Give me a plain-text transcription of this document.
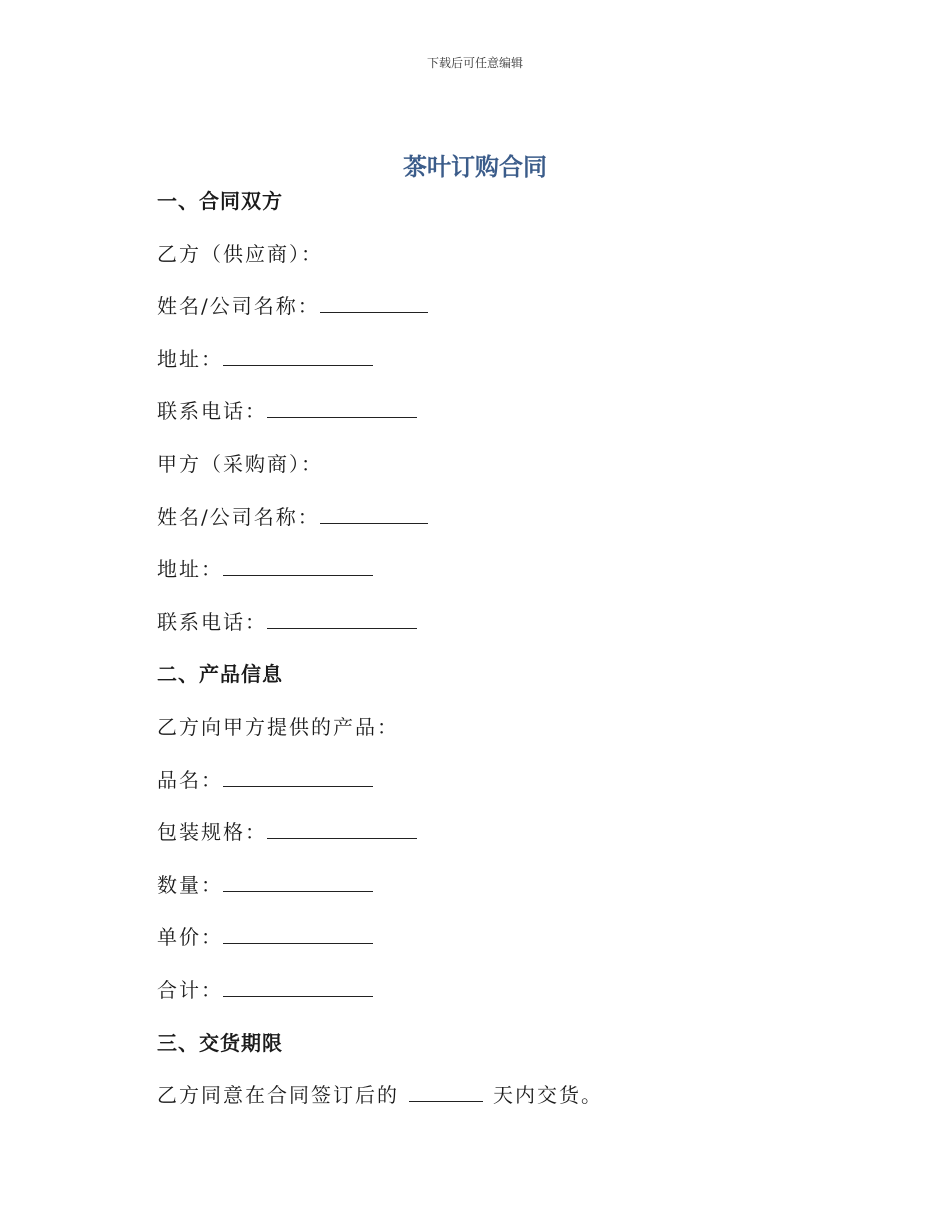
下载后可任意编辑
茶叶订购合同
一、合同双方
乙方（供应商）：
姓名/公司名称：
地址：
联系电话：
甲方（采购商）：
姓名/公司名称：
地址：
联系电话：
二、产品信息
乙方向甲方提供的产品：
品名：
包装规格：
数量：
单价：
合计：
三、交货期限
乙方同意在合同签订后的	天内交货。
